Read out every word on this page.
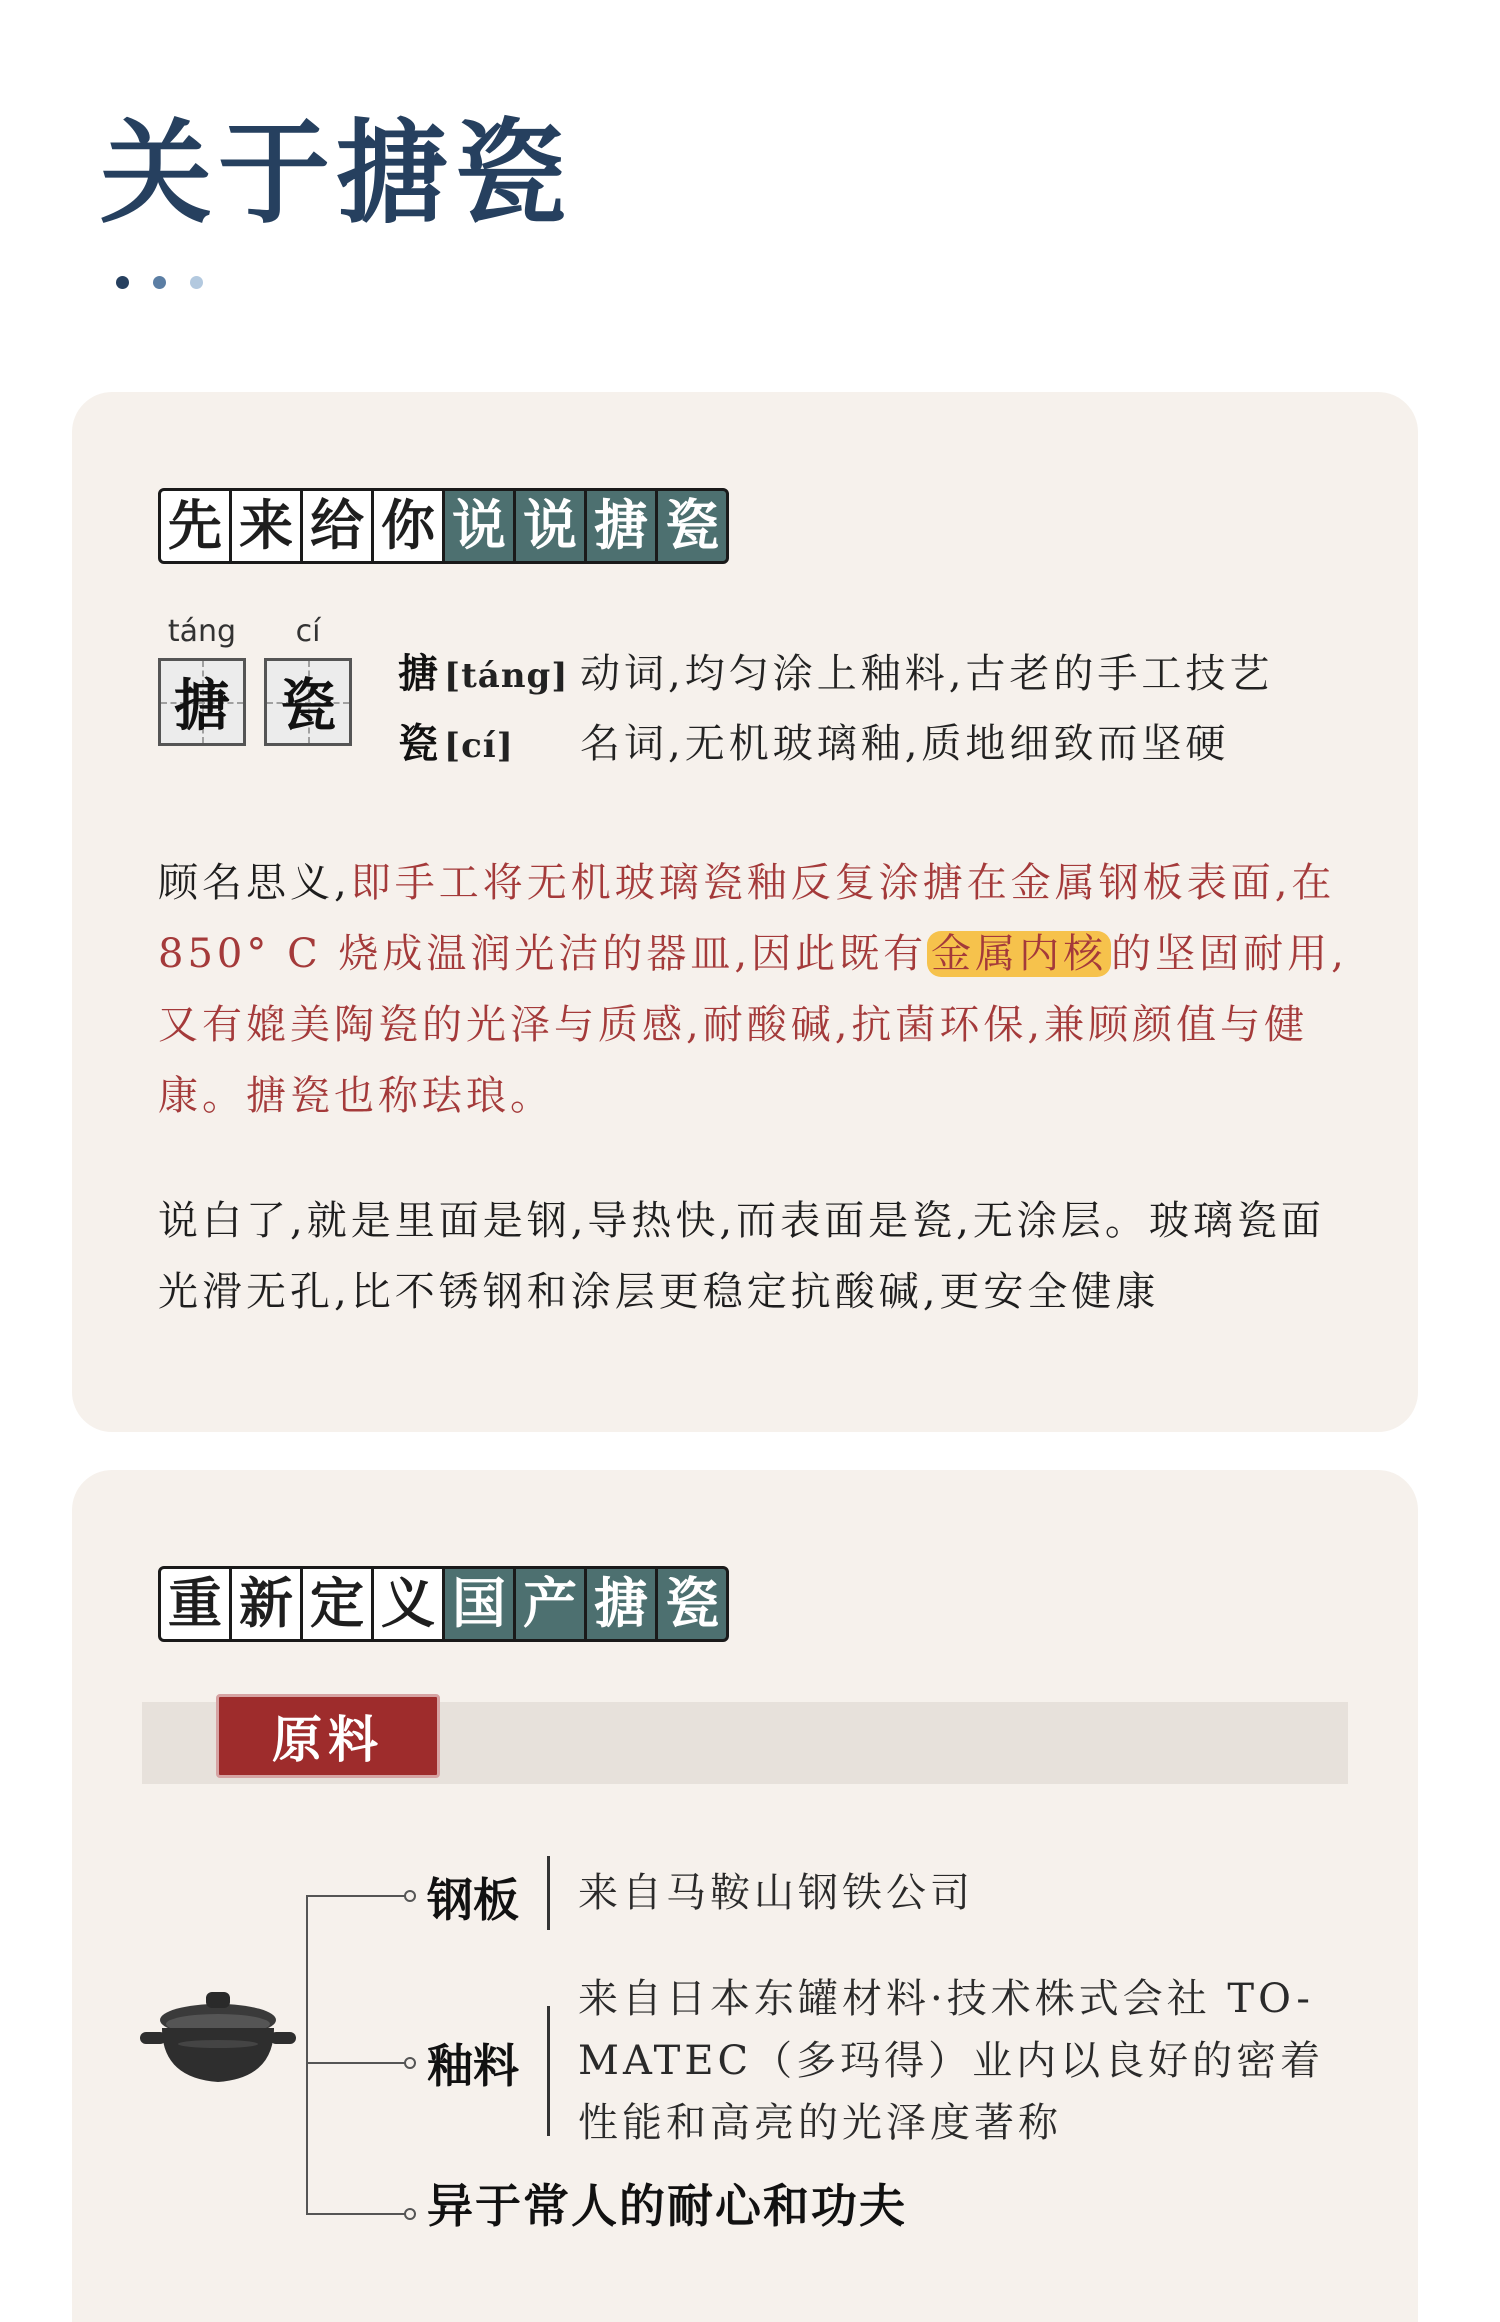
关于搪瓷
先 来 给 你 说 说 搪 瓷
táng
搪
cí
瓷 搪 [táng] 动词,均匀涂上釉料,古老的手工技艺
瓷 [cí]	名词,无机玻璃釉,质地细致而坚硬

顾名思义,即手工将无机玻璃瓷釉反复涂搪在金属钢板表面,在 850° C 烧成温润光洁的器皿,因此既有 金属内核 的坚固耐用,又有媲美陶瓷的光泽与质感,耐酸碱,抗菌环保,兼顾颜值与健康。搪瓷也称珐琅。

说白了,就是里面是钢,导热快,而表面是瓷,无涂层。玻璃瓷面光滑无孔,比不锈钢和涂层更稳定抗酸碱,更安全健康

重 新 定 义 国 产 搪 瓷
原料
钢板 来自马鞍山钢铁公司
釉料
来自日本东罐材料·技术株式会社 TO-MATEC（多玛得）业内以良好的密着性能和高亮的光泽度著称
异于常人的耐心和功夫
